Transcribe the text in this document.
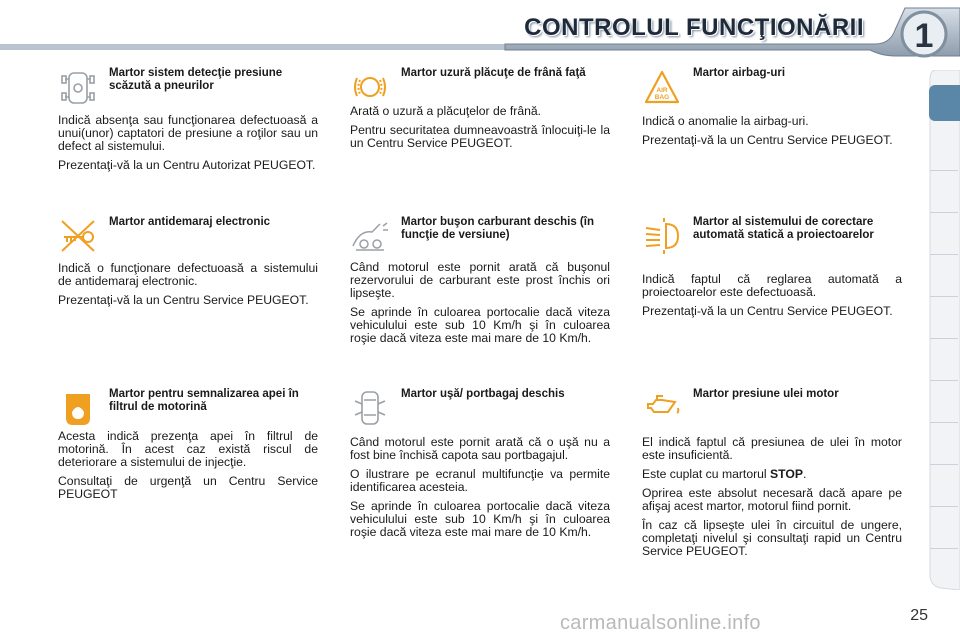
CONTROLUL FUNCŢIONĂRII	1
Martor sistem detecţie presiune scăzută a pneurilor

Indică absenţa sau funcţionarea defectuoasă a unui(unor) captatori de presiune a roţilor sau un defect al sistemului.

Prezentaţi-vă la un Centru Autorizat PEUGEOT.

Martor uzură plăcuţe de frână faţă

Arată o uzură a plăcuţelor de frână.

Pentru securitatea dumneavoastră înlocuiţi-le la un Centru Service PEUGEOT.

AIR
BAG
Martor airbag-uri

Indică o anomalie la airbag-uri.

Prezentaţi-vă la un Centru Service PEUGEOT.

Martor antidemaraj electronic

Indică o funcţionare defectuoasă a sistemului de antidemaraj electronic.

Prezentaţi-vă la un Centru Service PEUGEOT.

Martor buşon carburant deschis (în funcţie de versiune)

Când motorul este pornit arată că buşonul rezervorului de carburant este prost închis ori lipseşte.

Se aprinde în culoarea portocalie dacă viteza vehiculului este sub 10 Km/h şi în culoarea roşie dacă viteza este mai mare de 10 Km/h.

Martor al sistemului de corectare automată statică a proiectoarelor

Indică faptul că reglarea automată a proiectoarelor este defectuoasă.

Prezentaţi-vă la un Centru Service PEUGEOT.

Martor pentru semnalizarea apei în filtrul de motorină

Acesta indică prezenţa apei în filtrul de motorină. În acest caz există riscul de deteriorare a sistemului de injecţie.

Consultaţi de urgenţă un Centru Service PEUGEOT

Martor uşă/ portbagaj deschis

Când motorul este pornit arată că o uşă nu a fost bine închisă capota sau portbagajul.

O ilustrare pe ecranul multifuncţie va permite identificarea acesteia.

Se aprinde în culoarea portocalie dacă viteza vehiculului este sub 10 Km/h şi în culoarea roşie dacă viteza este mai mare de 10 Km/h.

Martor presiune ulei motor

El indică faptul că presiunea de ulei în motor este insuficientă.

Este cuplat cu martorul STOP.

Oprirea este absolut necesară dacă apare pe afişaj acest martor, motorul fiind pornit.

În caz că lipseşte ulei în circuitul de ungere, completaţi nivelul şi consultaţi rapid un Centru Service PEUGEOT.

carmanualsonline.info	25
